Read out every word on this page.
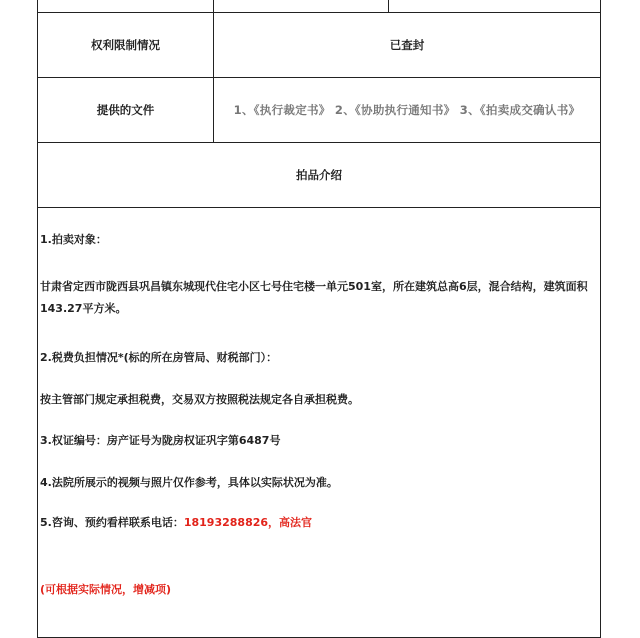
权利限制情况	已查封
提供的文件	1、《执行裁定书》 2、《协助执行通知书》 3、《拍卖成交确认书》
拍品介绍
1.拍卖对象：
甘肃省定西市陇西县巩昌镇东城现代住宅小区七号住宅楼一单元501室，所在建筑总高6层，混合结构，建筑面积143.27平方米。
2.税费负担情况*(标的所在房管局、财税部门）：
按主管部门规定承担税费，交易双方按照税法规定各自承担税费。
3.权证编号：房产证号为陇房权证巩字第6487号
4.法院所展示的视频与照片仅作参考，具体以实际状况为准。
5.咨询、预约看样联系电话：18193288826，高法官
(可根据实际情况，增减项)
